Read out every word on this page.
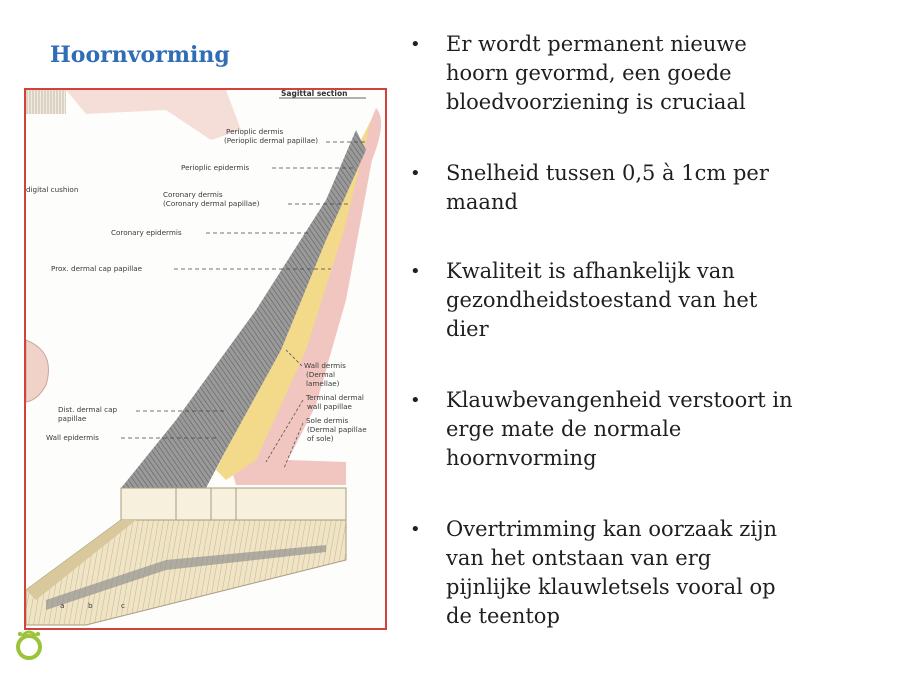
Hoornvorming
Sagittal section
Perioplic dermis
(Perioplic dermal papillae)
Perioplic epidermis
digital cushion
Coronary dermis
(Coronary dermal papillae)
Coronary epidermis
Prox. dermal cap papillae
Wall dermis
(Dermal
lamellae)
Terminal dermal
wall papillae
Sole dermis
(Dermal papillae
of sole)
Dist. dermal cap
papillae
Wall epidermis
a	b	c
• Er wordt permanent nieuwe
hoorn gevormd, een goede
bloedvoorziening is cruciaal
• Snelheid tussen 0,5 à 1cm per
maand
• Kwaliteit is afhankelijk van
gezondheidstoestand van het
dier
• Klauwbevangenheid verstoort in
erge mate de normale
hoornvorming
• Overtrimming kan oorzaak zijn
van het ontstaan van erg
pijnlijke klauwletsels vooral op
de teentop
